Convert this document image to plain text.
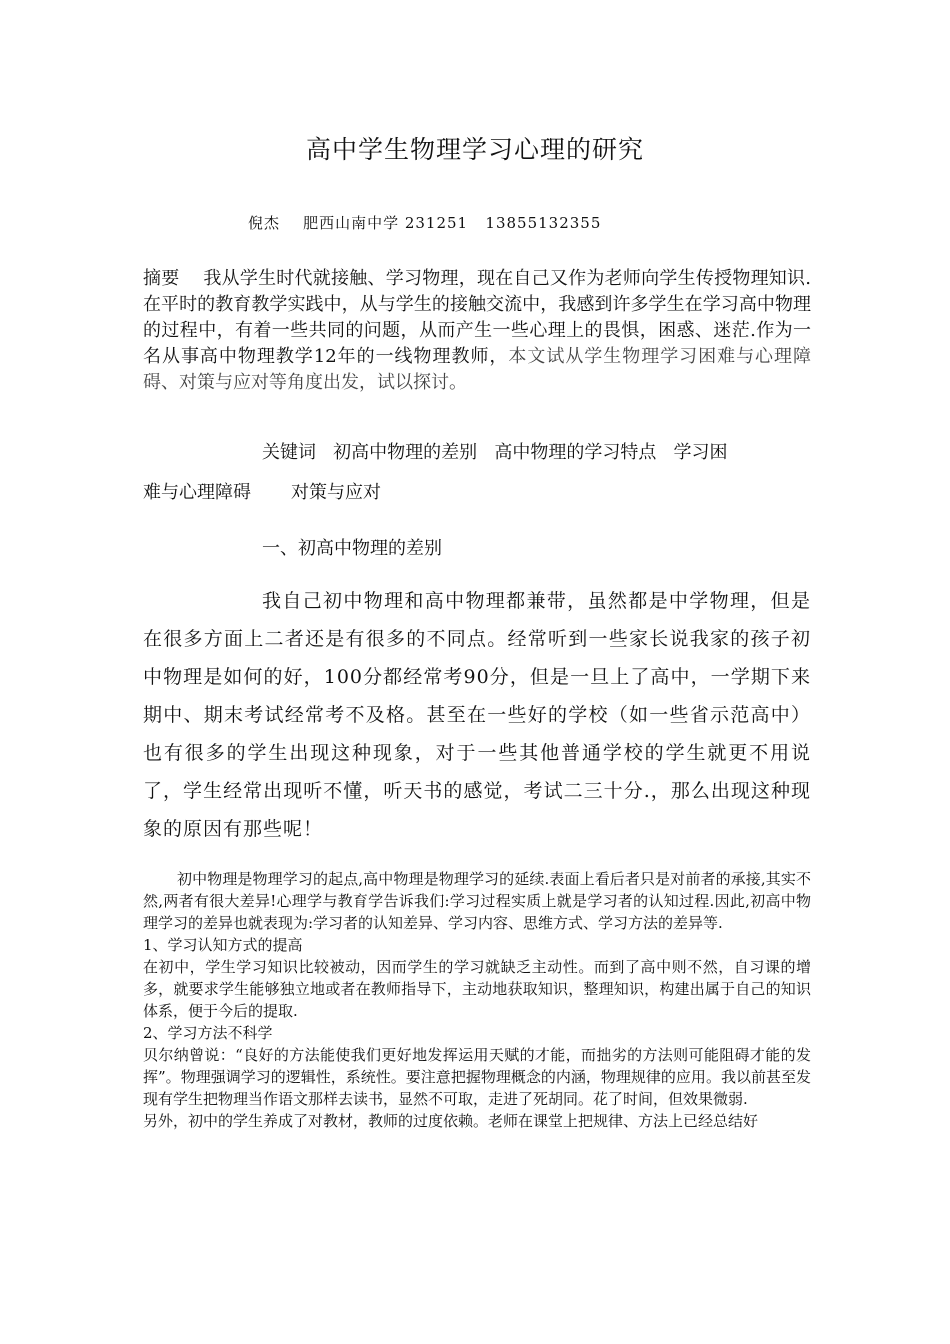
高中学生物理学习心理的研究
倪杰    肥西山南中学 231251   13855132355

摘要 我从学生时代就接触、学习物理，现在自己又作为老师向学生传授物理知识. 在平时的教育教学实践中，从与学生的接触交流中，我感到许多学生在学习高中物理的过程中，有着一些共同的问题，从而产生一些心理上的畏惧，困惑、迷茫.作为一名从事高中物理教学12年的一线物理教师，本文试从学生物理学习困难与心理障碍、对策与应对等角度出发，试以探讨。

关键词   初高中物理的差别   高中物理的学习特点   学习困
难与心理障碍       对策与应对
一、初高中物理的差别

我自己初中物理和高中物理都兼带，虽然都是中学物理，但是在很多方面上二者还是有很多的不同点。经常听到一些家长说我家的孩子初中物理是如何的好，100分都经常考90分，但是一旦上了高中，一学期下来期中、期末考试经常考不及格。甚至在一些好的学校（如一些省示范高中）也有很多的学生出现这种现象，对于一些其他普通学校的学生就更不用说了，学生经常出现听不懂，听天书的感觉，考试二三十分.，那么出现这种现象的原因有那些呢！

初中物理是物理学习的起点,高中物理是物理学习的延续.表面上看后者只是对前者的承接,其实不然,两者有很大差异!心理学与教育学告诉我们:学习过程实质上就是学习者的认知过程.因此,初高中物理学习的差异也就表现为:学习者的认知差异、学习内容、思维方式、学习方法的差异等.

1、学习认知方式的提高

在初中，学生学习知识比较被动，因而学生的学习就缺乏主动性。而到了高中则不然，自习课的增多，就要求学生能够独立地或者在教师指导下，主动地获取知识，整理知识，构建出属于自己的知识体系，便于今后的提取.

2、学习方法不科学

贝尔纳曾说：“良好的方法能使我们更好地发挥运用天赋的才能，而拙劣的方法则可能阻碍才能的发挥”。物理强调学习的逻辑性，系统性。要注意把握物理概念的内涵，物理规律的应用。我以前甚至发现有学生把物理当作语文那样去读书，显然不可取，走进了死胡同。花了时间，但效果微弱.

另外，初中的学生养成了对教材，教师的过度依赖。老师在课堂上把规律、方法上已经总结好
